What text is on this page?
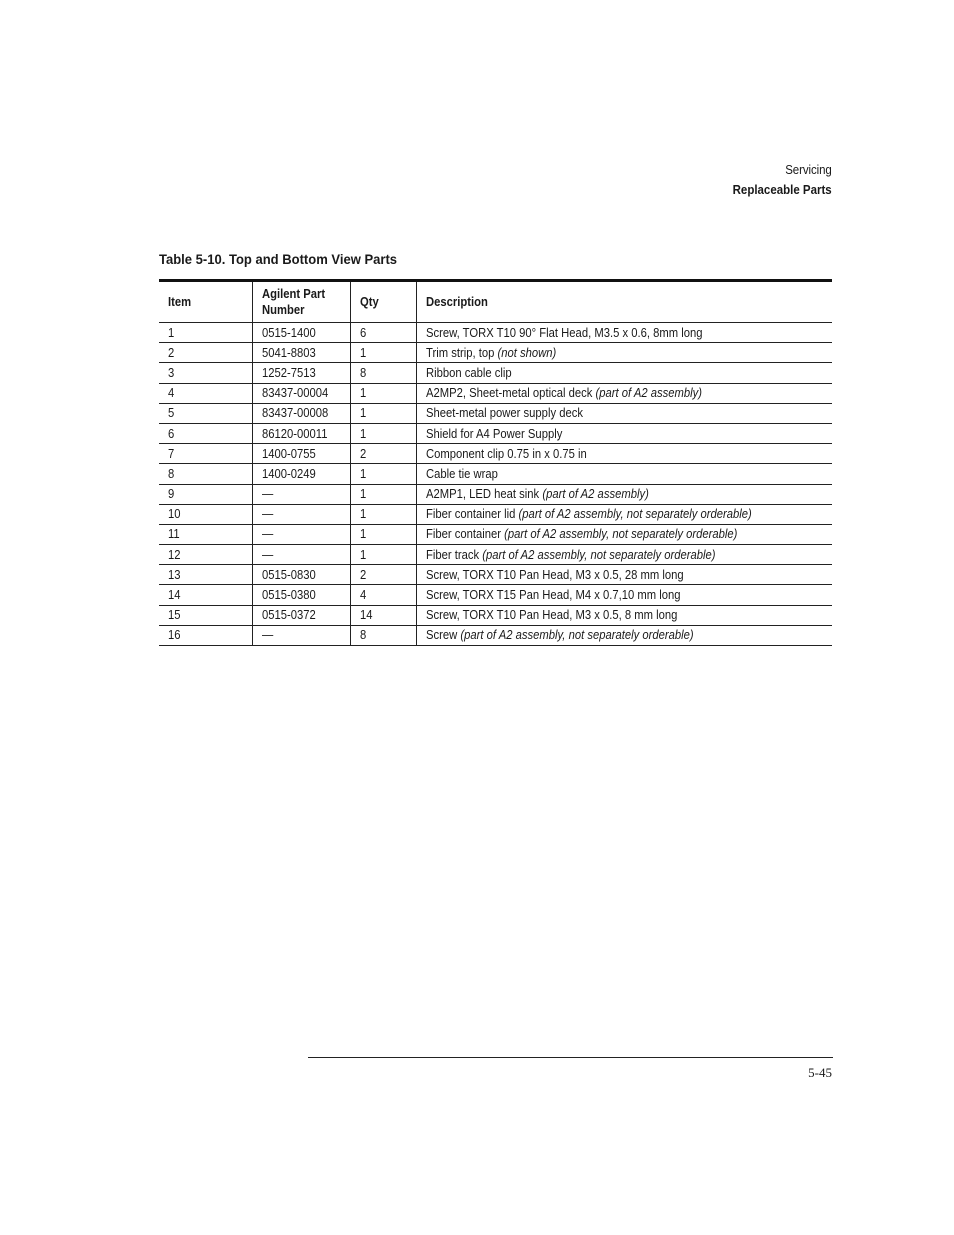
Servicing
Replaceable Parts
Table 5-10. Top and Bottom View Parts
Item	Agilent Part Number	Qty	Description
1	0515-1400	6	Screw, TORX T10 90° Flat Head, M3.5 x 0.6, 8mm long
2	5041-8803	1	Trim strip, top (not shown)
3	1252-7513	8	Ribbon cable clip
4	83437-00004	1	A2MP2, Sheet-metal optical deck (part of A2 assembly)
5	83437-00008	1	Sheet-metal power supply deck
6	86120-00011	1	Shield for A4 Power Supply
7	1400-0755	2	Component clip 0.75 in x 0.75 in
8	1400-0249	1	Cable tie wrap
9	—	1	A2MP1, LED heat sink (part of A2 assembly)
10	—	1	Fiber container lid (part of A2 assembly, not separately orderable)
11	—	1	Fiber container (part of A2 assembly, not separately orderable)
12	—	1	Fiber track (part of A2 assembly, not separately orderable)
13	0515-0830	2	Screw, TORX T10 Pan Head, M3 x 0.5, 28 mm long
14	0515-0380	4	Screw, TORX T15 Pan Head, M4 x 0.7,10 mm long
15	0515-0372	14	Screw, TORX T10 Pan Head, M3 x 0.5, 8 mm long
16	—	8	Screw (part of A2 assembly, not separately orderable)
5-45
